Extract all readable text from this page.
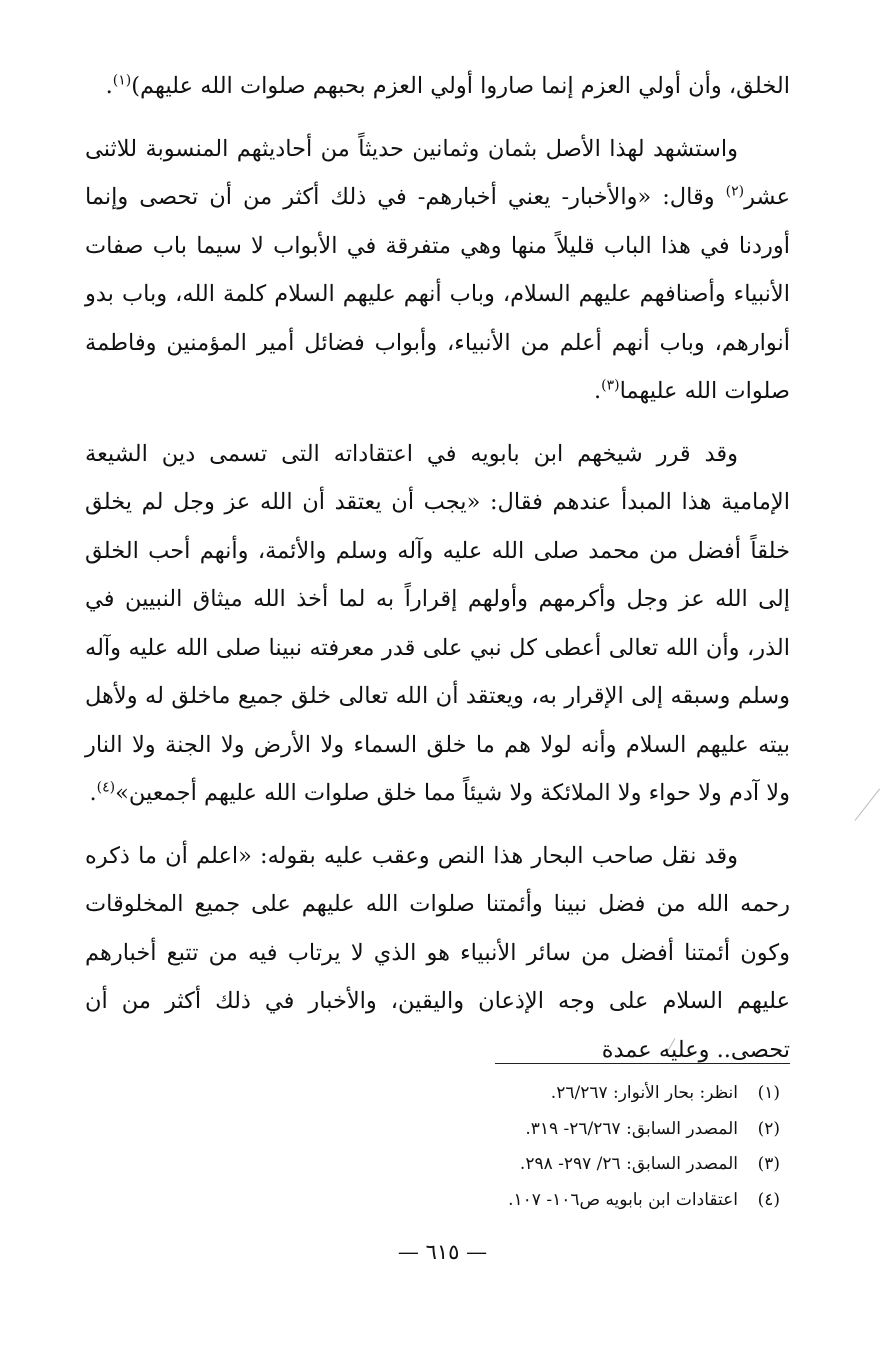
الخلق، وأن أولي العزم إنما صاروا أولي العزم بحبهم صلوات الله عليهم)$^{(١)}$.

واستشهد لهذا الأصل بثمان وثمانين حديثاً من أحاديثهم المنسوبة للاثنى عشر$^{(٢)}$ وقال: «والأخبار- يعني أخبارهم- في ذلك أكثر من أن تحصى وإنما أوردنا في هذا الباب قليلاً منها وهي متفرقة في الأبواب لا سيما باب صفات الأنبياء وأصنافهم عليهم السلام، وباب أنهم عليهم السلام كلمة الله، وباب بدو أنوارهم، وباب أنهم أعلم من الأنبياء، وأبواب فضائل أمير المؤمنين وفاطمة صلوات الله عليهما$^{(٣)}$.

وقد قرر شيخهم ابن بابويه في اعتقاداته التى تسمى دين الشيعة الإمامية هذا المبدأ عندهم فقال: «يجب أن يعتقد أن الله عز وجل لم يخلق خلقاً أفضل من محمد صلى الله عليه وآله وسلم والأئمة، وأنهم أحب الخلق إلى الله عز وجل وأكرمهم وأولهم إقراراً به لما أخذ الله ميثاق النبيين في الذر، وأن الله تعالى أعطى كل نبي على قدر معرفته نبينا صلى الله عليه وآله وسلم وسبقه إلى الإقرار به، ويعتقد أن الله تعالى خلق جميع ماخلق له ولأهل بيته عليهم السلام وأنه لولا هم ما خلق السماء ولا الأرض ولا الجنة ولا النار ولا آدم ولا حواء ولا الملائكة ولا شيئاً مما خلق صلوات الله عليهم أجمعين»$^{(٤)}$.

وقد نقل صاحب البحار هذا النص وعقب عليه بقوله: «اعلم أن ما ذكره رحمه الله من فضل نبينا وأئمتنا صلوات الله عليهم على جميع المخلوقات وكون أئمتنا أفضل من سائر الأنبياء هو الذي لا يرتاب فيه من تتبع أخبارهم عليهم السلام على وجه الإذعان واليقين، والأخبار في ذلك أكثر من أن تحصى.. وعليه عمدة

(١)انظر: بحار الأنوار: ٢٦/٢٦٧.
(٢)المصدر السابق: ٢٦/٢٦٧- ٣١٩.
(٣)المصدر السابق: ٢٦/ ٢٩٧- ٢٩٨.
(٤)اعتقادات ابن بابويه ص١٠٦- ١٠٧.
— ٦١٥ —
